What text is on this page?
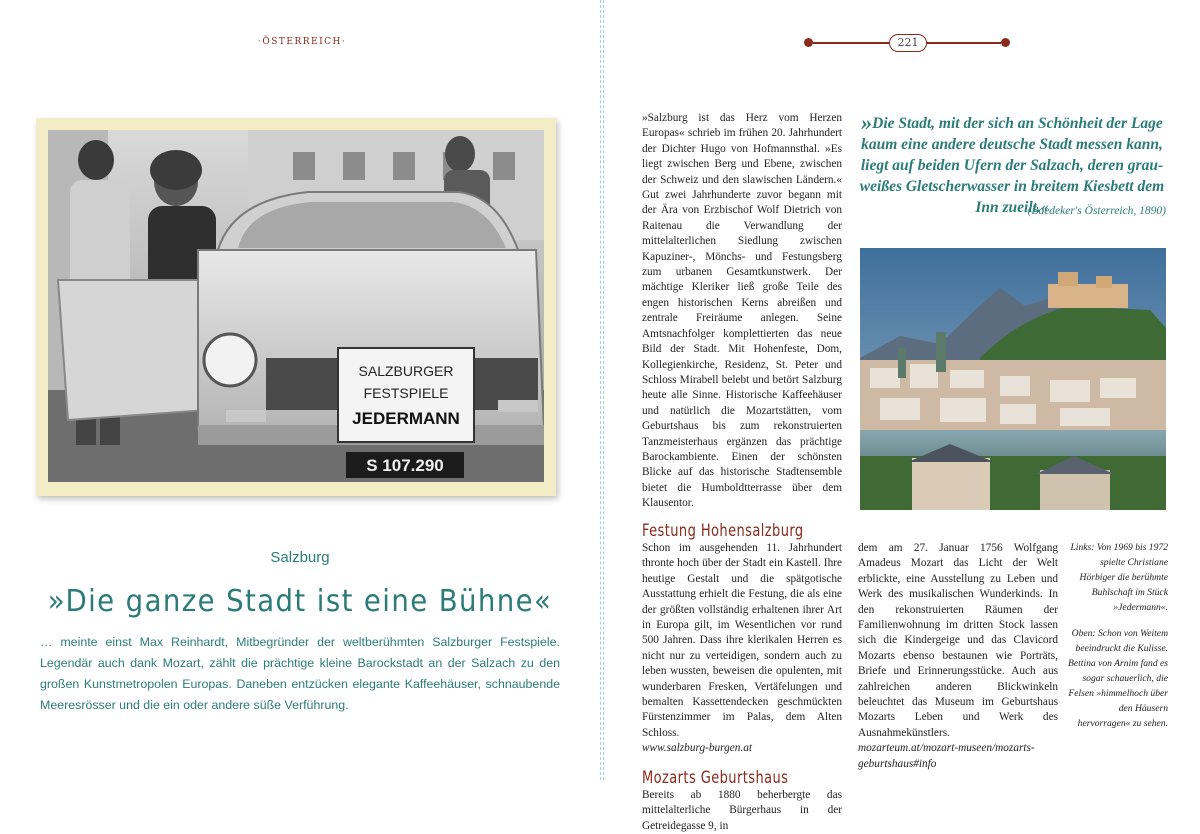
·ÖSTERREICH·
SALZBURGER
FESTSPIELE
JEDERMANN
S 107.290
Salzburg
»Die ganze Stadt ist eine Bühne«
… meinte einst Max Reinhardt, Mitbegründer der weltberühmten Salzburger Festspiele. Legendär auch dank Mozart, zählt die prächtige kleine Barockstadt an der Salzach zu den großen Kunstmetropolen Europas. Daneben entzücken elegante Kaffeehäuser, schnaubende Meeresrösser und die ein oder andere süße Verführung.
221

»Salzburg ist das Herz vom Herzen Europas« schrieb im frühen 20. Jahrhundert der Dichter Hugo von Hofmannsthal. »Es liegt zwischen Berg und Ebene, zwischen der Schweiz und den slawischen Ländern.« Gut zwei Jahrhunderte zuvor begann mit der Ära von Erzbischof Wolf Dietrich von Raitenau die Verwandlung der mittelalterlichen Siedlung zwischen Kapuziner-, Mönchs- und Festungsberg zum urbanen Gesamtkunstwerk. Der mächtige Kleriker ließ große Teile des engen historischen Kerns abreißen und zentrale Freiräume anlegen. Seine Amtsnachfolger komplettierten das neue Bild der Stadt. Mit Hohenfeste, Dom, Kollegienkirche, Residenz, St. Peter und Schloss Mirabell belebt und betört Salzburg heute alle Sinne. Historische Kaffeehäuser und natürlich die Mozartstätten, vom Geburtshaus bis zum rekonstruierten Tanzmeisterhaus ergänzen das prächtige Barockambiente. Einen der schönsten Blicke auf das historische Stadtensemble bietet die Humboldtterrasse über dem Klausentor.

Festung Hohensalzburg

Schon im ausgehenden 11. Jahrhundert thronte hoch über der Stadt ein Kastell. Ihre heutige Gestalt und die spätgotische Ausstattung erhielt die Festung, die als eine der größten vollständig erhaltenen ihrer Art in Europa gilt, im Wesentlichen vor rund 500 Jahren. Dass ihre klerikalen Herren es nicht nur zu verteidigen, sondern auch zu leben wussten, beweisen die opulenten, mit wunderbaren Fresken, Vertäfelungen und bemalten Kassettendecken geschmückten Fürstenzimmer im Palas, dem Alten Schloss.

www.salzburg-burgen.at

Mozarts Geburtshaus

Bereits ab 1880 beherbergte das mittelalterliche Bürgerhaus in der Getreidegasse 9, in

»Die Stadt, mit der sich an Schönheit der Lage kaum eine andere deutsche Stadt messen kann, liegt auf beiden Ufern der Salzach, deren grau-weißes Gletscherwasser in breitem Kiesbett dem Inn zueilt.«
(Baedeker's Österreich, 1890)

dem am 27. Januar 1756 Wolfgang Amadeus Mozart das Licht der Welt erblickte, eine Ausstellung zu Leben und Werk des musikalischen Wunderkinds. In den rekonstruierten Räumen der Familienwohnung im dritten Stock lassen sich die Kindergeige und das Clavicord Mozarts ebenso bestaunen wie Porträts, Briefe und Erinnerungsstücke. Auch aus zahlreichen anderen Blickwinkeln beleuchtet das Museum im Geburtshaus Mozarts Leben und Werk des Ausnahmekünstlers.

mozarteum.at/mozart-museen/mozarts-geburtshaus#info

Links: Von 1969 bis 1972 spielte Christiane Hörbiger die berühmte Buhlschaft im Stück »Jedermann«.

Oben: Schon von Weitem beeindruckt die Kulisse. Bettina von Arnim fand es sogar schauerlich, die Felsen »himmelhoch über den Häusern hervorragen« zu sehen.
